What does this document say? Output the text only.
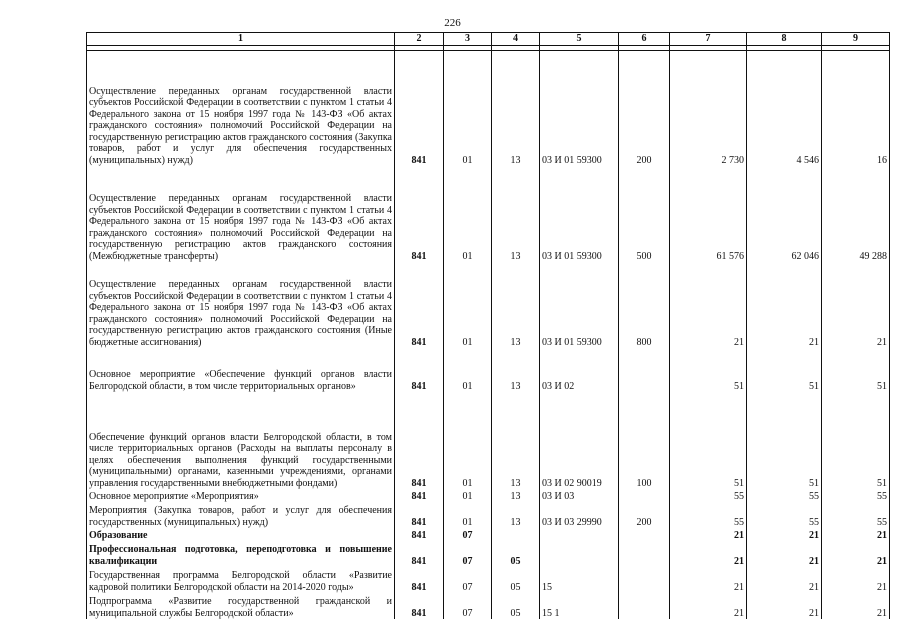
226
1	2	3	4	5	6	7	8	9

Осуществление переданных органам государственной власти субъектов Российской Федерации в соответствии с пунктом 1 статьи 4 Федерального закона от 15 ноября 1997 года № 143-ФЗ «Об актах гражданского состояния» полномочий Российской Федерации на государственную регистрацию актов гражданского состояния (Закупка товаров, работ и услуг для обеспечения государственных (муниципальных) нужд)	841	01	13	03 И 01 59300	200	2 730	4 546	16
Осуществление переданных органам государственной власти субъектов Российской Федерации в соответствии с пунктом 1 статьи 4 Федерального закона от 15 ноября 1997 года № 143-ФЗ «Об актах гражданского состояния» полномочий Российской Федерации на государственную регистрацию актов гражданского состояния (Межбюджетные трансферты)	841	01	13	03 И 01 59300	500	61 576	62 046	49 288
Осуществление переданных органам государственной власти субъектов Российской Федерации в соответствии с пунктом 1 статьи 4 Федерального закона от 15 ноября 1997 года № 143-ФЗ «Об актах гражданского состояния» полномочий Российской Федерации на государственную регистрацию актов гражданского состояния (Иные бюджетные ассигнования)	841	01	13	03 И 01 59300	800	21	21	21
Основное мероприятие «Обеспечение функций органов власти Белгородской области, в том числе территориальных органов»	841	01	13	03 И 02		51	51	51
Обеспечение функций органов власти Белгородской области, в том числе территориальных органов (Расходы на выплаты персоналу в целях обеспечения выполнения функций государственными (муниципальными) органами, казенными учреждениями, органами управления государственными внебюджетными фондами)	841	01	13	03 И 02 90019	100	51	51	51
Основное мероприятие «Мероприятия»	841	01	13	03 И 03		55	55	55
Мероприятия (Закупка товаров, работ и услуг для обеспечения государственных (муниципальных) нужд)	841	01	13	03 И 03 29990	200	55	55	55
Образование	841	07				21	21	21
Профессиональная подготовка, переподготовка и повышение квалификации	841	07	05			21	21	21
Государственная программа Белгородской области «Развитие кадровой политики Белгородской области на 2014-2020 годы»	841	07	05	15		21	21	21
Подпрограмма «Развитие государственной гражданской и муниципальной службы Белгородской области»	841	07	05	15 1		21	21	21
